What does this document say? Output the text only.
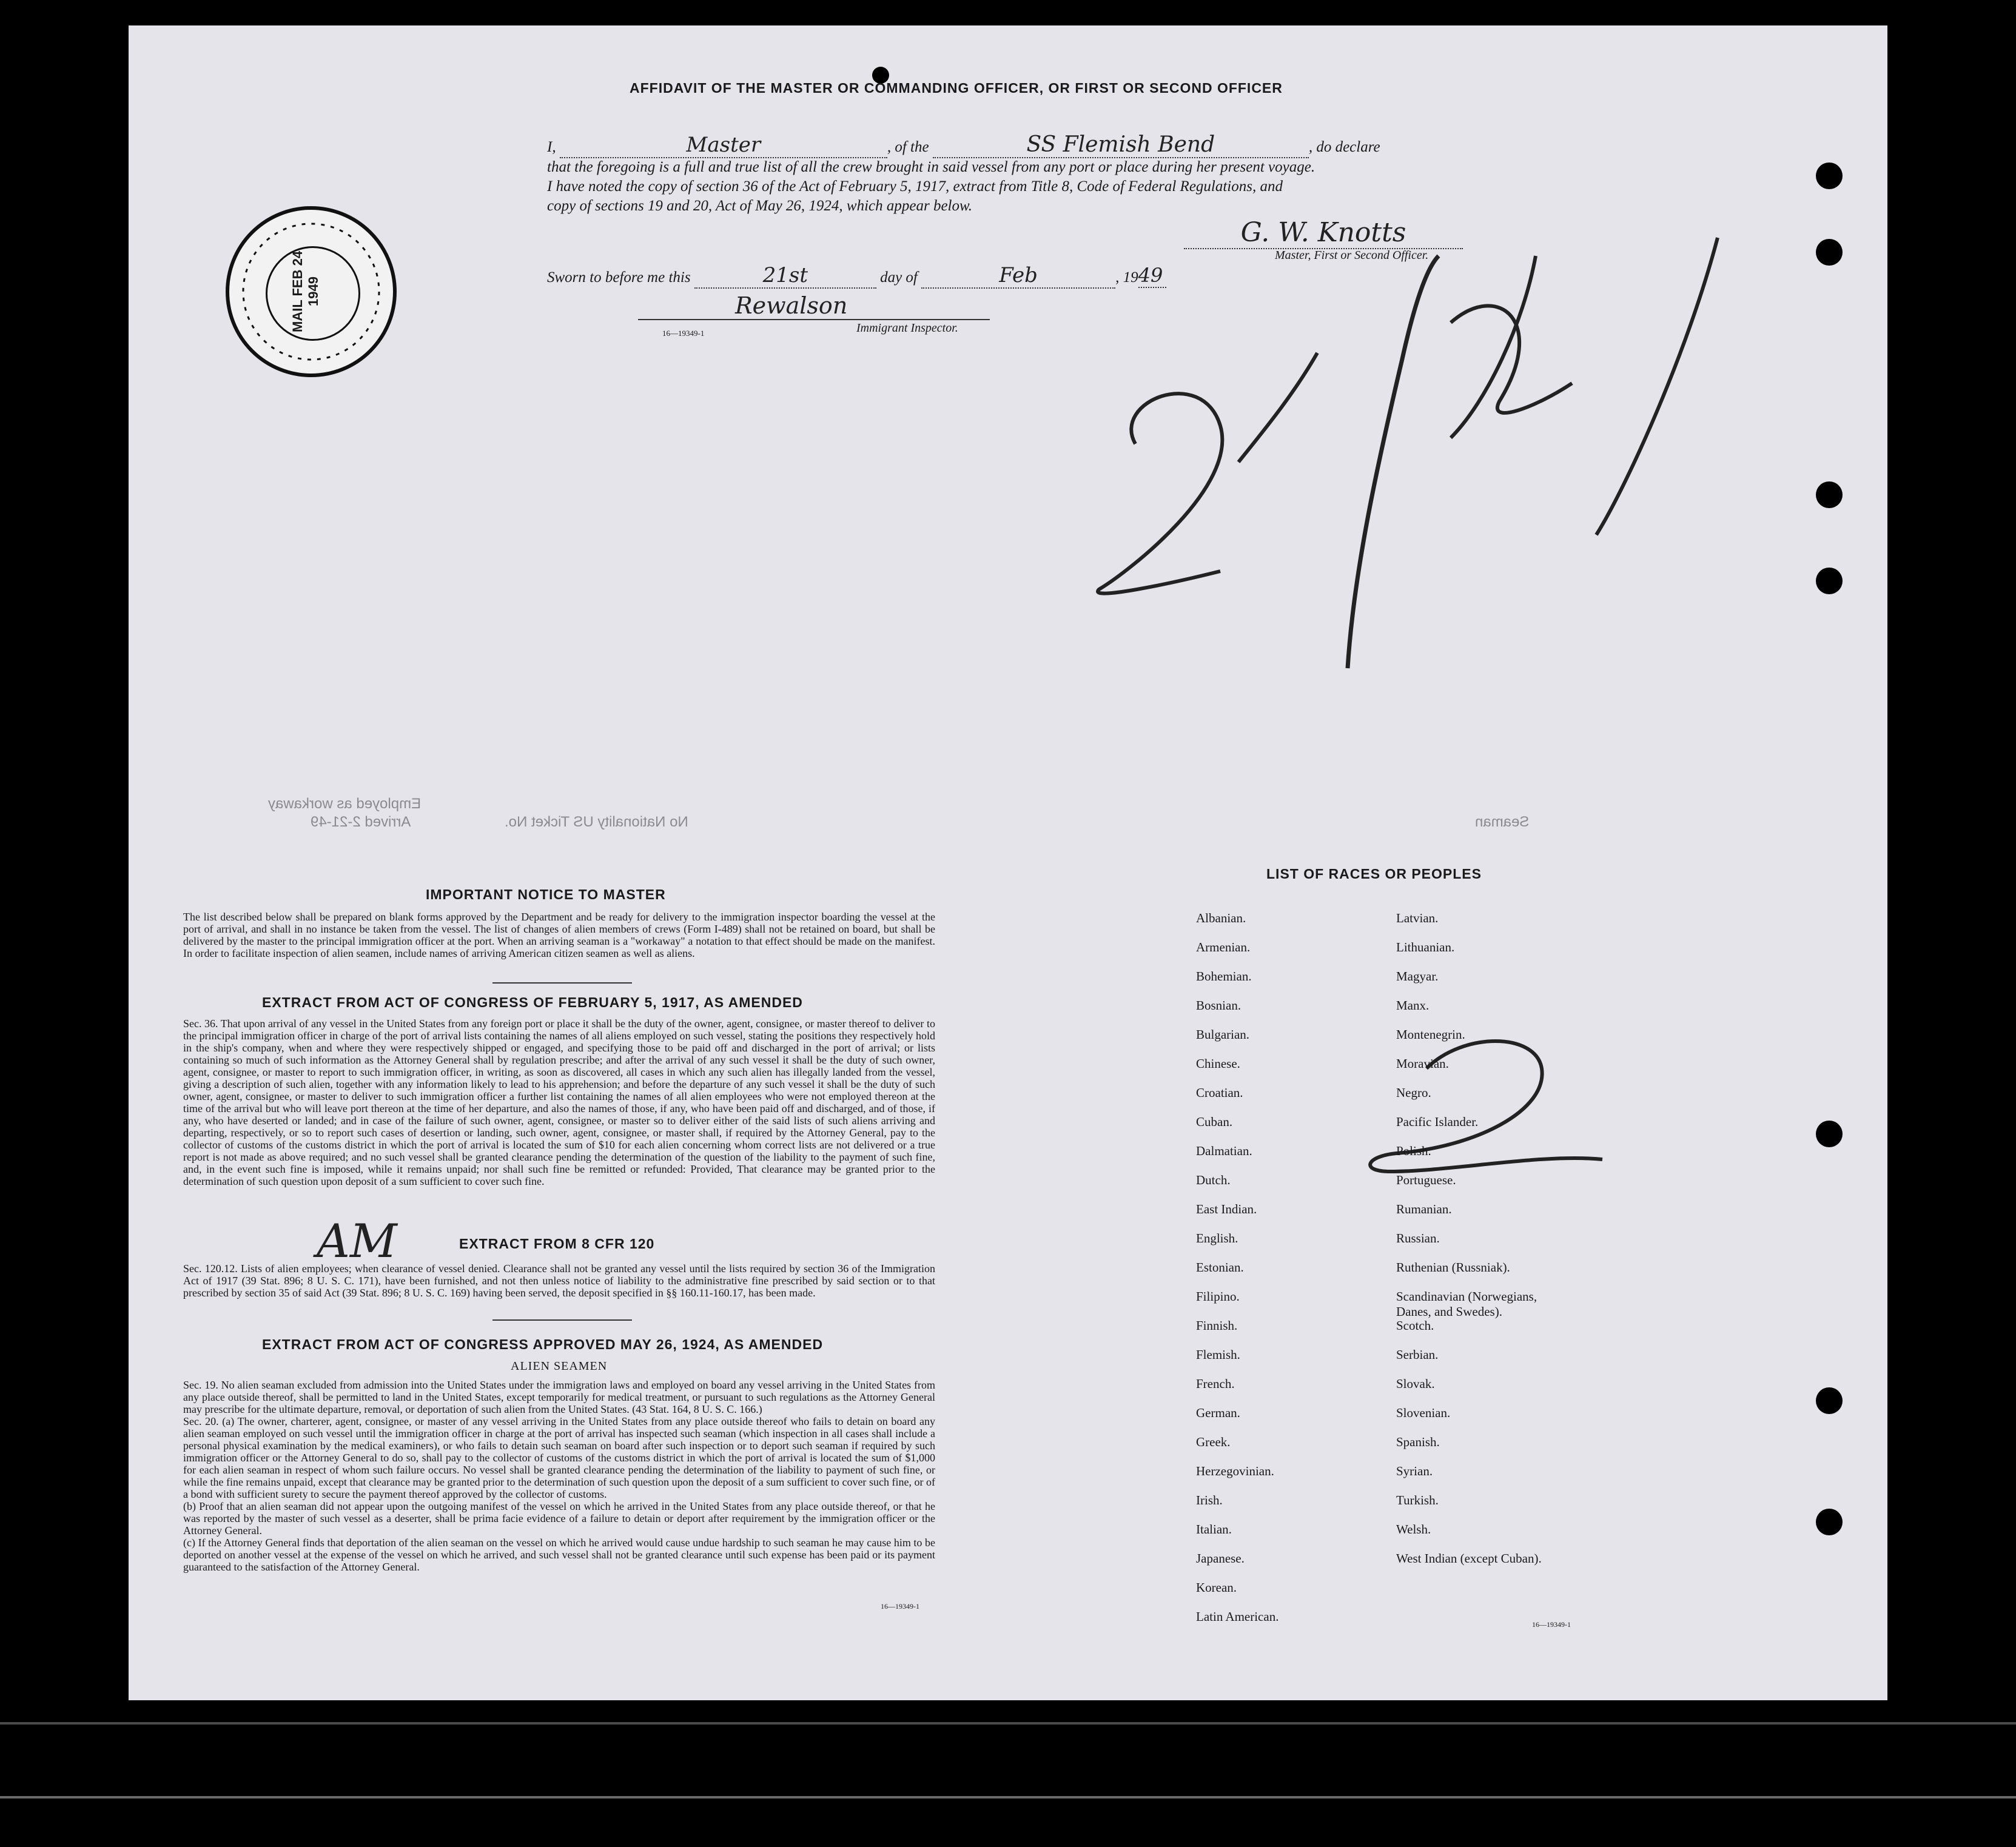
AFFIDAVIT OF THE MASTER OR COMMANDING OFFICER, OR FIRST OR SECOND OFFICER
I,	Master	, of the	SS Flemish Bend	, do declare
that the foregoing is a full and true list of all the crew brought in said vessel from any port or place during her present voyage.
I have noted the copy of section 36 of the Act of February 5, 1917, extract from Title 8, Code of Federal Regulations, and
copy of sections 19 and 20, Act of May 26, 1924, which appear below.
G. W. Knotts
Master, First or Second Officer.
Sworn to before me this	21st	day of	Feb	, 1949
Rewalson
16—19349-1	Immigrant Inspector.
MAIL FEB 24 1949
Employed as workaway
Arrived 2-21-49	No Nationality US Ticket No.	Seaman
IMPORTANT NOTICE TO MASTER
The list described below shall be prepared on blank forms approved by the Department and be ready for delivery to the immigration inspector boarding the vessel at the port of arrival, and shall in no instance be taken from the vessel. The list of changes of alien members of crews (Form I-489) shall not be retained on board, but shall be delivered by the master to the principal immigration officer at the port. When an arriving seaman is a "workaway" a notation to that effect should be made on the manifest. In order to facilitate inspection of alien seamen, include names of arriving American citizen seamen as well as aliens.
EXTRACT FROM ACT OF CONGRESS OF FEBRUARY 5, 1917, AS AMENDED
Sec. 36. That upon arrival of any vessel in the United States from any foreign port or place it shall be the duty of the owner, agent, consignee, or master thereof to deliver to the principal immigration officer in charge of the port of arrival lists containing the names of all aliens employed on such vessel, stating the positions they respectively hold in the ship's company, when and where they were respectively shipped or engaged, and specifying those to be paid off and discharged in the port of arrival; or lists containing so much of such information as the Attorney General shall by regulation prescribe; and after the arrival of any such vessel it shall be the duty of such owner, agent, consignee, or master to report to such immigration officer, in writing, as soon as discovered, all cases in which any such alien has illegally landed from the vessel, giving a description of such alien, together with any information likely to lead to his apprehension; and before the departure of any such vessel it shall be the duty of such owner, agent, consignee, or master to deliver to such immigration officer a further list containing the names of all alien employees who were not employed thereon at the time of the arrival but who will leave port thereon at the time of her departure, and also the names of those, if any, who have been paid off and discharged, and of those, if any, who have deserted or landed; and in case of the failure of such owner, agent, consignee, or master so to deliver either of the said lists of such aliens arriving and departing, respectively, or so to report such cases of desertion or landing, such owner, agent, consignee, or master shall, if required by the Attorney General, pay to the collector of customs of the customs district in which the port of arrival is located the sum of $10 for each alien concerning whom correct lists are not delivered or a true report is not made as above required; and no such vessel shall be granted clearance pending the determination of the question of the liability to the payment of such fine, and, in the event such fine is imposed, while it remains unpaid; nor shall such fine be remitted or refunded: Provided, That clearance may be granted prior to the determination of such question upon deposit of a sum sufficient to cover such fine.
EXTRACT FROM 8 CFR 120
AM
Sec. 120.12. Lists of alien employees; when clearance of vessel denied. Clearance shall not be granted any vessel until the lists required by section 36 of the Immigration Act of 1917 (39 Stat. 896; 8 U. S. C. 171), have been furnished, and not then unless notice of liability to the administrative fine prescribed by said section or to that prescribed by section 35 of said Act (39 Stat. 896; 8 U. S. C. 169) having been served, the deposit specified in §§ 160.11-160.17, has been made.
EXTRACT FROM ACT OF CONGRESS APPROVED MAY 26, 1924, AS AMENDED
ALIEN SEAMEN
Sec. 19. No alien seaman excluded from admission into the United States under the immigration laws and employed on board any vessel arriving in the United States from any place outside thereof, shall be permitted to land in the United States, except temporarily for medical treatment, or pursuant to such regulations as the Attorney General may prescribe for the ultimate departure, removal, or deportation of such alien from the United States. (43 Stat. 164, 8 U. S. C. 166.)
Sec. 20. (a) The owner, charterer, agent, consignee, or master of any vessel arriving in the United States from any place outside thereof who fails to detain on board any alien seaman employed on such vessel until the immigration officer in charge at the port of arrival has inspected such seaman (which inspection in all cases shall include a personal physical examination by the medical examiners), or who fails to detain such seaman on board after such inspection or to deport such seaman if required by such immigration officer or the Attorney General to do so, shall pay to the collector of customs of the customs district in which the port of arrival is located the sum of $1,000 for each alien seaman in respect of whom such failure occurs. No vessel shall be granted clearance pending the determination of the liability to payment of such fine, or while the fine remains unpaid, except that clearance may be granted prior to the determination of such question upon the deposit of a sum sufficient to cover such fine, or of a bond with sufficient surety to secure the payment thereof approved by the collector of customs.
(b) Proof that an alien seaman did not appear upon the outgoing manifest of the vessel on which he arrived in the United States from any place outside thereof, or that he was reported by the master of such vessel as a deserter, shall be prima facie evidence of a failure to detain or deport after requirement by the immigration officer or the Attorney General.
(c) If the Attorney General finds that deportation of the alien seaman on the vessel on which he arrived would cause undue hardship to such seaman he may cause him to be deported on another vessel at the expense of the vessel on which he arrived, and such vessel shall not be granted clearance until such expense has been paid or its payment guaranteed to the satisfaction of the Attorney General.
16—19349-1
LIST OF RACES OR PEOPLES
16—19349-1
Albanian.
Armenian.
Bohemian.
Bosnian.
Bulgarian.
Chinese.
Croatian.
Cuban.
Dalmatian.
Dutch.
East Indian.
English.
Estonian.
Filipino.
Finnish.
Flemish.
French.
German.
Greek.
Herzegovinian.
Irish.
Italian.
Japanese.
Korean.
Latin American.
Latvian.
Lithuanian.
Magyar.
Manx.
Montenegrin.
Moravian.
Negro.
Pacific Islander.
Polish.
Portuguese.
Rumanian.
Russian.
Ruthenian (Russniak).
Scandinavian (Norwegians,
Danes, and Swedes).
Scotch.
Serbian.
Slovak.
Slovenian.
Spanish.
Syrian.
Turkish.
Welsh.
West Indian (except Cuban).
